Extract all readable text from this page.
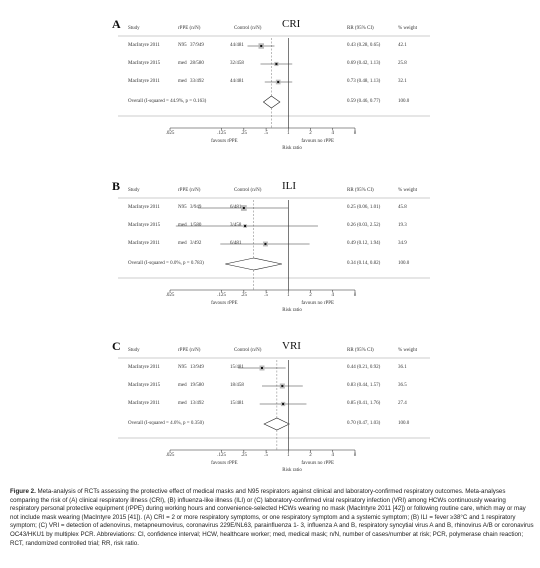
A	CRI
Study	rPPE (n/N)	Control (n/N)	RR (95% CI)	% weight
MacIntyre 2011	N95 37/949	44/481	0.43 (0.28, 0.65)	42.1
MacIntyre 2015	med 28/580	32/458	0.69 (0.42, 1.13)	25.8
MacIntyre 2011	med 33/492	44/481	0.73 (0.48, 1.13)	32.1
Overall (I-squared = 44.9%, p = 0.163)	0.59 (0.46, 0.77)	100.0
.025	.125	.25	.5	1	2	4	8
favours rPPE	favours no rPPE
Risk ratio
B	ILI
Study	rPPE (n/N)	Control (n/N)	RR (95% CI)	% weight
MacIntyre 2011	N95 3/949	6/481	0.25 (0.06, 1.01)	45.8
MacIntyre 2015	med 1/580	3/458	0.26 (0.03, 2.52)	19.3
MacIntyre 2011	med 3/492	6/481	0.49 (0.12, 1.94)	34.9
Overall (I-squared = 0.0%, p = 0.783)	0.34 (0.14, 0.82)	100.0
.025	.125	.25	.5	1	2	4	8
favours rPPE	favours no rPPE
Risk ratio
C	VRI
Study	rPPE (n/N)	Control (n/N)	RR (95% CI)	% weight
MacIntyre 2011	N95 13/949	15/481	0.44 (0.21, 0.92)	36.1
MacIntyre 2015	med 19/580	18/458	0.83 (0.44, 1.57)	36.5
MacIntyre 2011	med 13/492	15/481	0.85 (0.41, 1.76)	27.4
Overall (I-squared = 4.6%, p = 0.350)	0.70 (0.47, 1.03)	100.0
.025	.125	.25	.5	1	2	4	8
favours rPPE	favours no rPPE
Risk ratio
Figure 2. Meta-analysis of RCTs assessing the protective effect of medical masks and N95 respirators against clinical and laboratory-confirmed respiratory outcomes. Meta-analyses comparing the risk of (A) clinical respiratory illness (CRI), (B) influenza-like illness (ILI) or (C) laboratory-confirmed viral respiratory infection (VRI) among HCWs continuously wearing respiratory personal protective equipment (rPPE) during working hours and convenience-selected HCWs wearing no mask (MacIntyre 2011 [42]) or following routine care, which may or may not include mask wearing (MacIntyre 2015 [41]). (A) CRI = 2 or more respiratory symptoms, or one respiratory symptom and a systemic symptom; (B) ILI = fever ≥38°C and 1 respiratory symptom; (C) VRI = detection of adenovirus, metapneumovirus, coronavirus 229E/NL63, parainfluenza 1- 3, influenza A and B, respiratory syncytial virus A and B, rhinovirus A/B or coronavirus OC43/HKU1 by multiplex PCR. Abbreviations: CI, confidence interval; HCW, healthcare worker; med, medical mask; n/N, number of cases/number at risk; PCR, polymerase chain reaction; RCT, randomized controlled trial; RR, risk ratio.
